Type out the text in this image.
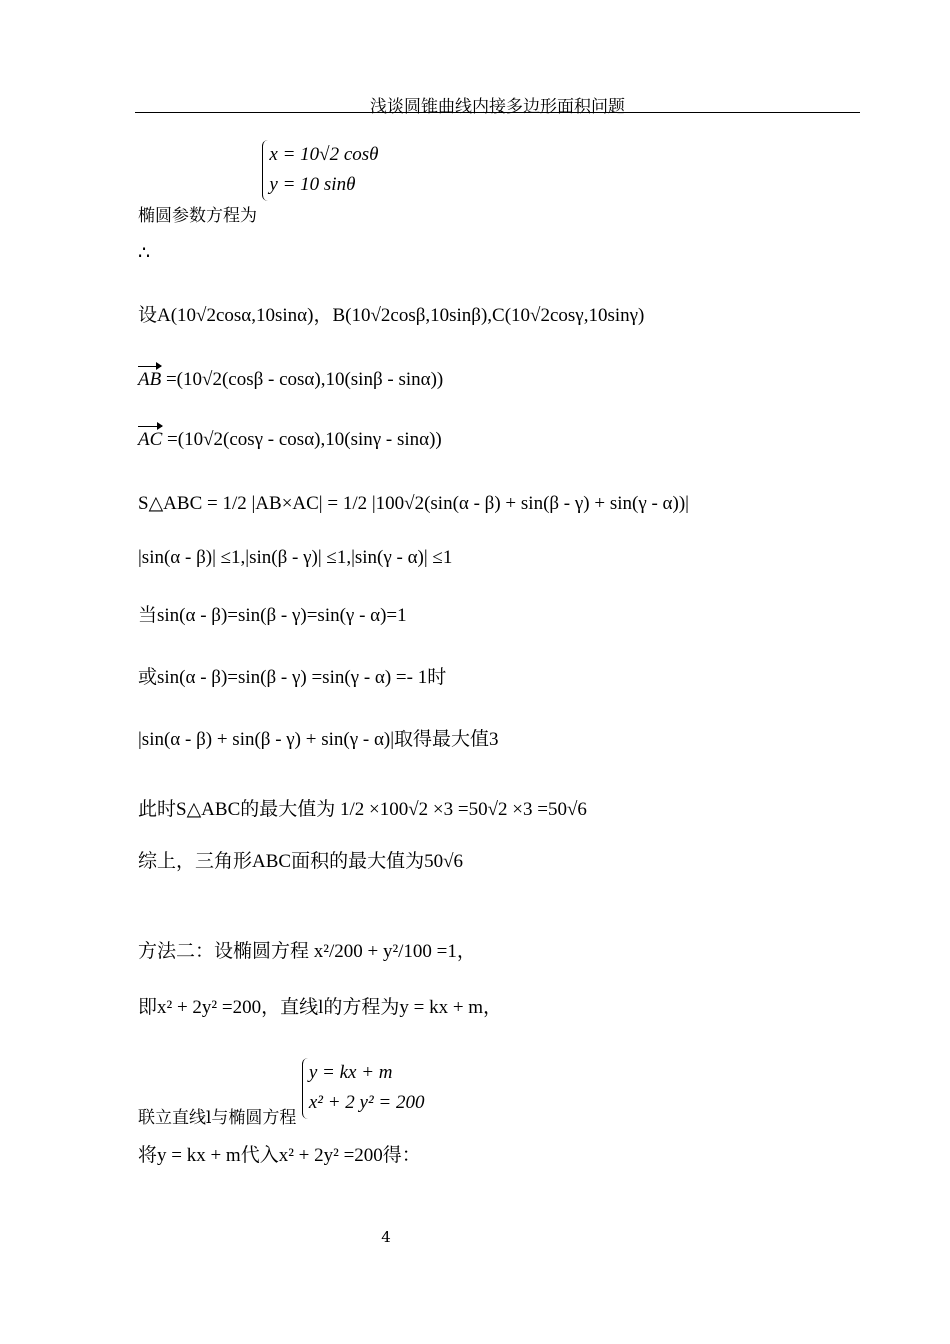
浅谈圆锥曲线内接多边形面积问题
椭圆参数方程为
x = 10√2 cosθ
y = 10 sinθ
∴
设A(10√2cosα,10sinα)，B(10√2cosβ,10sinβ),C(10√2cosγ,10sinγ)
AB =(10√2(cosβ - cosα),10(sinβ - sinα))
AC =(10√2(cosγ - cosα),10(sinγ - sinα))
S△ABC = 1/2 |AB×AC| = 1/2 |100√2(sin(α - β) + sin(β - γ) + sin(γ - α))|
|sin(α - β)| ≤1,|sin(β - γ)| ≤1,|sin(γ - α)| ≤1
当sin(α - β)=sin(β - γ)=sin(γ - α)=1
或sin(α - β)=sin(β - γ) =sin(γ - α) =- 1时
|sin(α - β) + sin(β - γ) + sin(γ - α)|取得最大值3
此时S△ABC的最大值为 1/2 ×100√2 ×3 =50√2 ×3 =50√6
综上，三角形ABC面积的最大值为50√6
方法二：设椭圆方程 x²/200 + y²/100 =1，
即x² + 2y² =200，直线l的方程为y = kx + m，
联立直线l与椭圆方程
y = kx + m
x² + 2 y² = 200
将y = kx + m代入x² + 2y² =200得：
4
